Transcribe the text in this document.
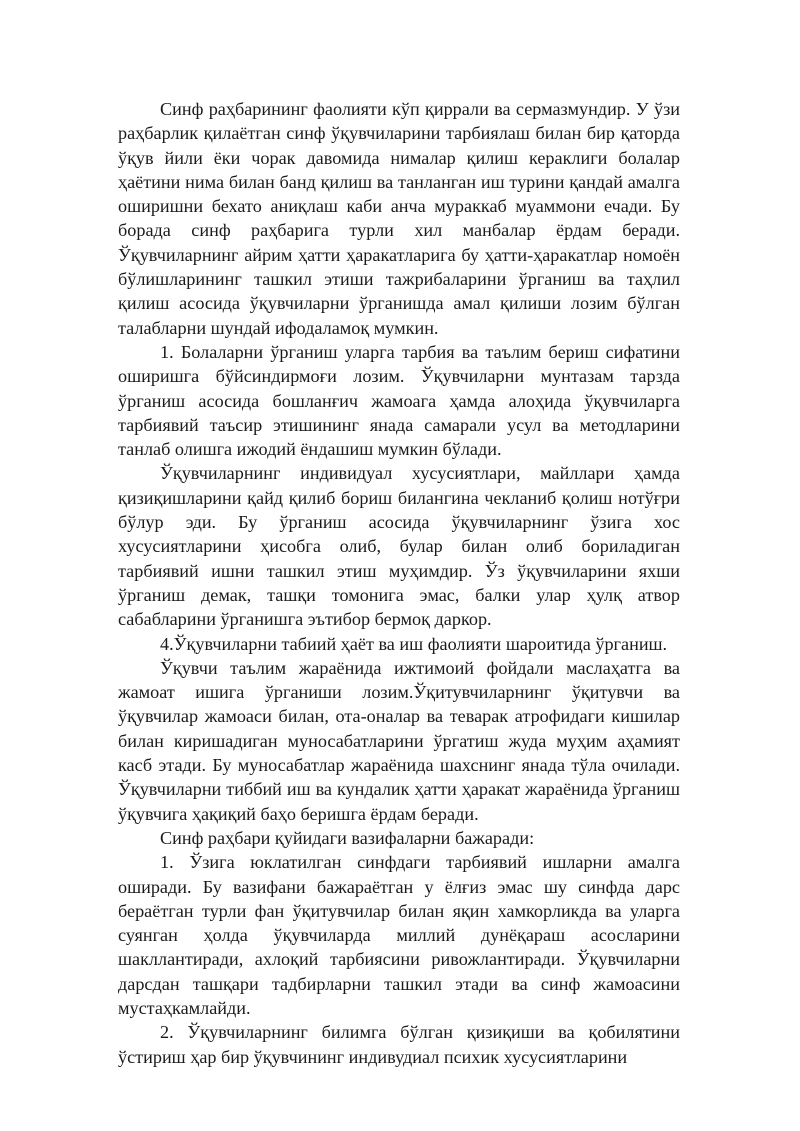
Синф раҳбарининг фаолияти кўп қиррали ва сермазмундир. У ўзи раҳбарлик қилаётган синф ўқувчиларини тарбиялаш билан бир қаторда ўқув йили ёки чорак давомида нималар қилиш кераклиги болалар ҳаётини нима билан банд қилиш ва танланган иш турини қандай амалга оширишни бехато аниқлаш каби анча мураккаб муаммони ечади. Бу борада синф раҳбарига турли хил манбалар ёрдам беради. Ўқувчиларнинг айрим ҳатти ҳаракатларига бу ҳатти-ҳаракатлар номоён бўлишларининг ташкил этиши тажрибаларини ўрганиш ва таҳлил қилиш асосида ўқувчиларни ўрганишда амал қилиши лозим бўлган талабларни шундай ифодаламоқ мумкин.

1. Болаларни ўрганиш уларга тарбия ва таълим бериш сифатини оширишга бўйсиндирмоғи лозим. Ўқувчиларни мунтазам тарзда ўрганиш асосида бошланғич жамоага ҳамда алоҳида ўқувчиларга тарбиявий таъсир этишининг янада самарали усул ва методларини танлаб олишга ижодий ёндашиш мумкин бўлади.

Ўқувчиларнинг индивидуал хусусиятлари, майллари ҳамда қизиқишларини қайд қилиб бориш билангина чекланиб қолиш нотўғри бўлур эди. Бу ўрганиш асосида ўқувчиларнинг ўзига хос хусусиятларини ҳисобга олиб, булар билан олиб бориладиган тарбиявий ишни ташкил этиш муҳимдир. Ўз ўқувчиларини яхши ўрганиш демак, ташқи томонига эмас, балки улар ҳулқ атвор сабабларини ўрганишга эътибор бермоқ даркор.

4.Ўқувчиларни табиий ҳаёт ва иш фаолияти шароитида ўрганиш.

Ўқувчи таълим жараёнида ижтимоий фойдали маслаҳатга ва жамоат ишига ўрганиши лозим.Ўқитувчиларнинг ўқитувчи ва ўқувчилар жамоаси билан, ота-оналар ва теварак атрофидаги кишилар билан киришадиган муносабатларини ўргатиш жуда муҳим аҳамият касб этади. Бу муносабатлар жараёнида шахснинг янада тўла очилади. Ўқувчиларни тиббий иш ва кундалик ҳатти ҳаракат жараёнида ўрганиш ўқувчига ҳақиқий баҳо беришга ёрдам беради.

Синф раҳбари қуйидаги вазифаларни бажаради:

1. Ўзига юклатилган синфдаги тарбиявий ишларни амалга оширади. Бу вазифани бажараётган у ёлғиз эмас шу синфда дарс бераётган турли фан ўқитувчилар билан яқин хамкорликда ва уларга суянган ҳолда ўқувчиларда миллий дунёқараш асосларини шакллантиради, ахлоқий тарбиясини ривожлантиради. Ўқувчиларни дарсдан ташқари тадбирларни ташкил этади ва синф жамоасини мустаҳкамлайди.

2. Ўқувчиларнинг билимга бўлган қизиқиши ва қобилятини ўстириш ҳар бир ўқувчининг индивудиал психик хусусиятларини
